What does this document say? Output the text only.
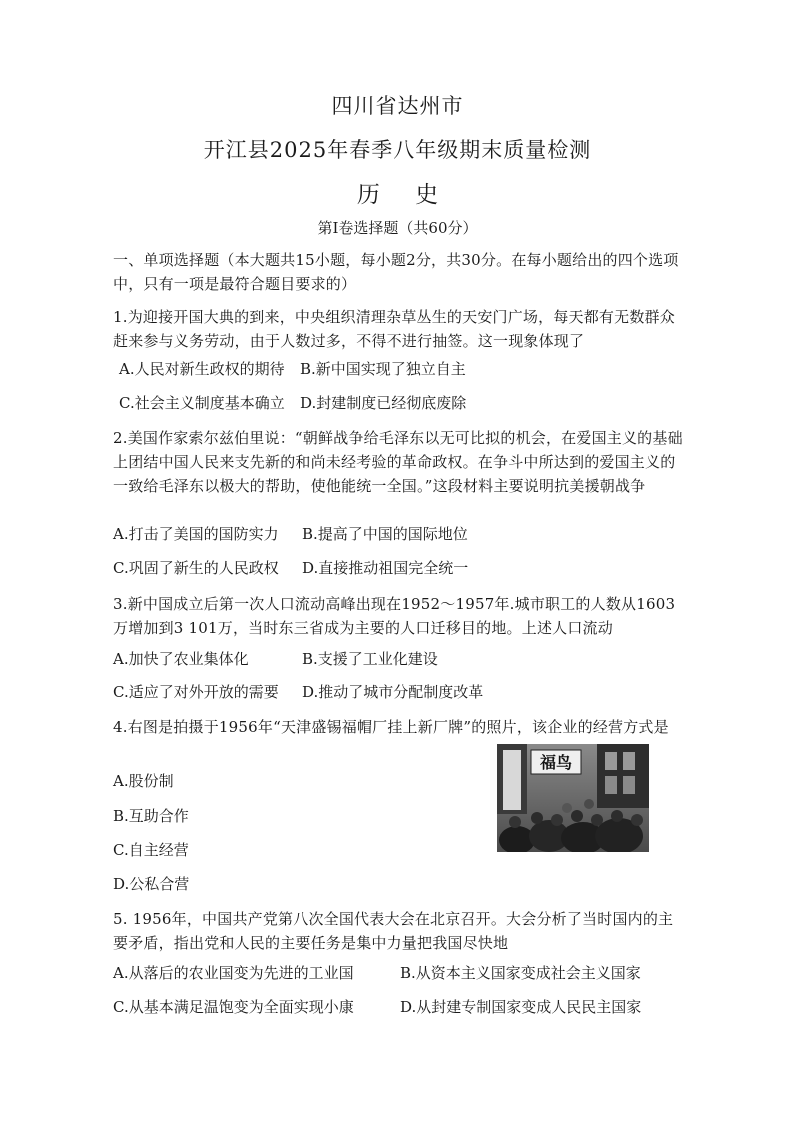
四川省达州市
开江县2025年春季八年级期末质量检测
历 史
第Ⅰ卷选择题（共60分）
一、单项选择题（本大题共15小题，每小题2分，共30分。在每小题给出的四个选项中，只有一项是最符合题目要求的）
1.为迎接开国大典的到来，中央组织清理杂草丛生的天安门广场，每天都有无数群众赶来参与义务劳动，由于人数过多，不得不进行抽签。这一现象体现了
A.人民对新生政权的期待 B.新中国实现了独立自主
C.社会主义制度基本确立 D.封建制度已经彻底废除
2.美国作家索尔兹伯里说：“朝鲜战争给毛泽东以无可比拟的机会，在爱国主义的基础上团结中国人民来支先新的和尚未经考验的革命政权。在争斗中所达到的爱国主义的一致给毛泽东以极大的帮助，使他能统一全国。”这段材料主要说明抗美援朝战争
A.打击了美国的国防实力 B.提高了中国的国际地位
C.巩固了新生的人民政权 D.直接推动祖国完全统一
3.新中国成立后第一次人口流动高峰出现在1952～1957年.城市职工的人数从1603 万增加到3 101万，当时东三省成为主要的人口迁移目的地。上述人口流动
A.加快了农业集体化	B.支援了工业化建设
C.适应了对外开放的需要 D.推动了城市分配制度改革
4.右图是拍摄于1956年“天津盛锡福帽厂挂上新厂牌”的照片，该企业的经营方式是
A.股份制
B.互助合作
C.自主经营
D.公私合营
福鸟
5. 1956年，中国共产党第八次全国代表大会在北京召开。大会分析了当时国内的主要矛盾，指出党和人民的主要任务是集中力量把我国尽快地
A.从落后的农业国变为先进的工业国	B.从资本主义国家变成社会主义国家
C.从基本满足温饱变为全面实现小康	D.从封建专制国家变成人民民主国家
